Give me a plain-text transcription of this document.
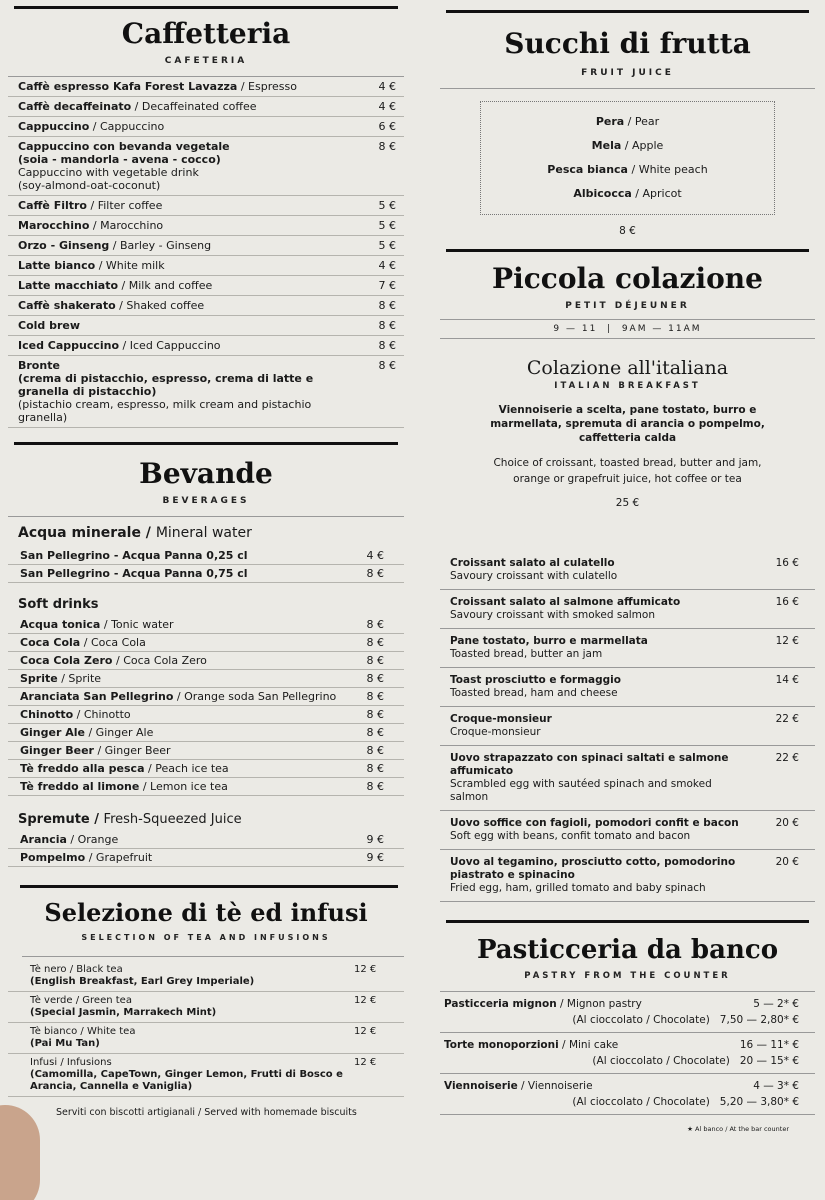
Caffetteria
CAFETERIA
Caffè espresso Kafa Forest Lavazza / Espresso	4 €
Caffè decaffeinato / Decaffeinated coffee	4 €
Cappuccino / Cappuccino	6 €
Cappuccino con bevanda vegetale
(soia - mandorla - avena - cocco)
Cappuccino with vegetable drink
(soy-almond-oat-coconut)
8 €
Caffè Filtro / Filter coffee	5 €
Marocchino / Marocchino	5 €
Orzo - Ginseng / Barley - Ginseng	5 €
Latte bianco / White milk	4 €
Latte macchiato / Milk and coffee	7 €
Caffè shakerato / Shaked coffee	8 €
Cold brew	8 €
Iced Cappuccino / Iced Cappuccino	8 €
Bronte
(crema di pistacchio, espresso, crema di latte e granella di pistacchio)
(pistachio cream, espresso, milk cream and pistachio granella)
8 €
Bevande
BEVERAGES
Acqua minerale / Mineral water
San Pellegrino - Acqua Panna 0,25 cl	4 €
San Pellegrino - Acqua Panna 0,75 cl	8 €
Soft drinks
Acqua tonica / Tonic water	8 €
Coca Cola / Coca Cola	8 €
Coca Cola Zero / Coca Cola Zero	8 €
Sprite / Sprite	8 €
Aranciata San Pellegrino / Orange soda San Pellegrino	8 €
Chinotto / Chinotto	8 €
Ginger Ale / Ginger Ale	8 €
Ginger Beer / Ginger Beer	8 €
Tè freddo alla pesca / Peach ice tea	8 €
Tè freddo al limone / Lemon ice tea	8 €
Spremute / Fresh-Squeezed Juice
Arancia / Orange	9 €
Pompelmo / Grapefruit	9 €
Selezione di tè ed infusi
SELECTION OF TEA AND INFUSIONS
Tè nero / Black tea
(English Breakfast, Earl Grey Imperiale)
12 €
Tè verde / Green tea
(Special Jasmin, Marrakech Mint)
12 €
Tè bianco / White tea
(Pai Mu Tan)
12 €
Infusi / Infusions
(Camomilla, CapeTown, Ginger Lemon, Frutti di Bosco e Arancia, Cannella e Vaniglia)
12 €
Serviti con biscotti artigianali / Served with homemade biscuits
Succhi di frutta
FRUIT JUICE
Pera / Pear
Mela / Apple
Pesca bianca / White peach
Albicocca / Apricot
8 €
Piccola colazione
PETIT DÉJEUNER
9 — 11  |  9AM — 11AM
Colazione all'italiana
ITALIAN BREAKFAST
Viennoiserie a scelta, pane tostato, burro e marmellata, spremuta di arancia o pompelmo, caffetteria calda
Choice of croissant, toasted bread, butter and jam, orange or grapefruit juice, hot coffee or tea
25 €
Croissant salato al culatello
Savoury croissant with culatello
16 €
Croissant salato al salmone affumicato
Savoury croissant with smoked salmon
16 €
Pane tostato, burro e marmellata
Toasted bread, butter an jam
12 €
Toast prosciutto e formaggio
Toasted bread, ham and cheese
14 €
Croque-monsieur
Croque-monsieur
22 €
Uovo strapazzato con spinaci saltati e salmone affumicato
Scrambled egg with sautéed spinach and smoked salmon
22 €
Uovo soffice con fagioli, pomodori confit e bacon
Soft egg with beans, confit tomato and bacon
20 €
Uovo al tegamino, prosciutto cotto, pomodorino piastrato e spinacino
Fried egg, ham, grilled tomato and baby spinach
20 €
Pasticceria da banco
PASTRY FROM THE COUNTER
Pasticceria mignon / Mignon pastry	5 — 2* €
(Al cioccolato / Chocolate) 7,50 — 2,80* €
Torte monoporzioni / Mini cake	16 — 11* €
(Al cioccolato / Chocolate) 20 — 15* €
Viennoiserie / Viennoiserie	4 — 3* €
(Al cioccolato / Chocolate) 5,20 — 3,80* €
★ Al banco / At the bar counter
